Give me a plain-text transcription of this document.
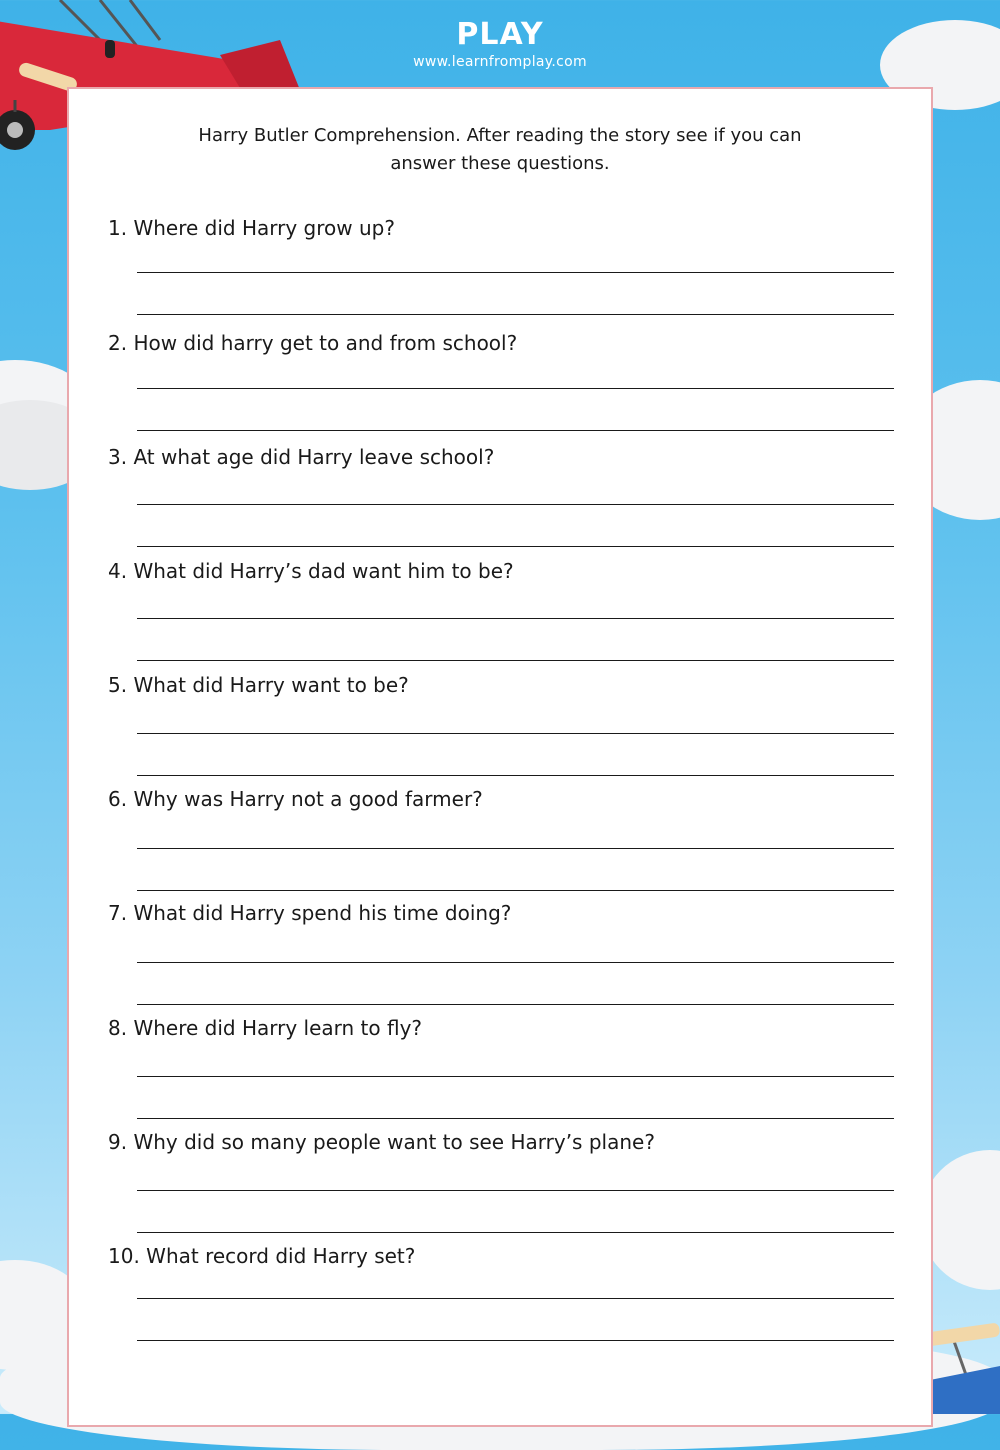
PLAY
www.learnfromplay.com
Harry Butler Comprehension. After reading the story see if you can
answer these questions.
1. Where did Harry grow up?
2. How did harry get to and from school?
3. At what age did Harry leave school?
4. What did Harry’s dad want him to be?
5. What did Harry want to be?
6. Why was Harry not a good farmer?
7. What did Harry spend his time doing?
8. Where did Harry learn to fly?
9. Why did so many people want to see Harry’s plane?
10. What record did Harry set?
